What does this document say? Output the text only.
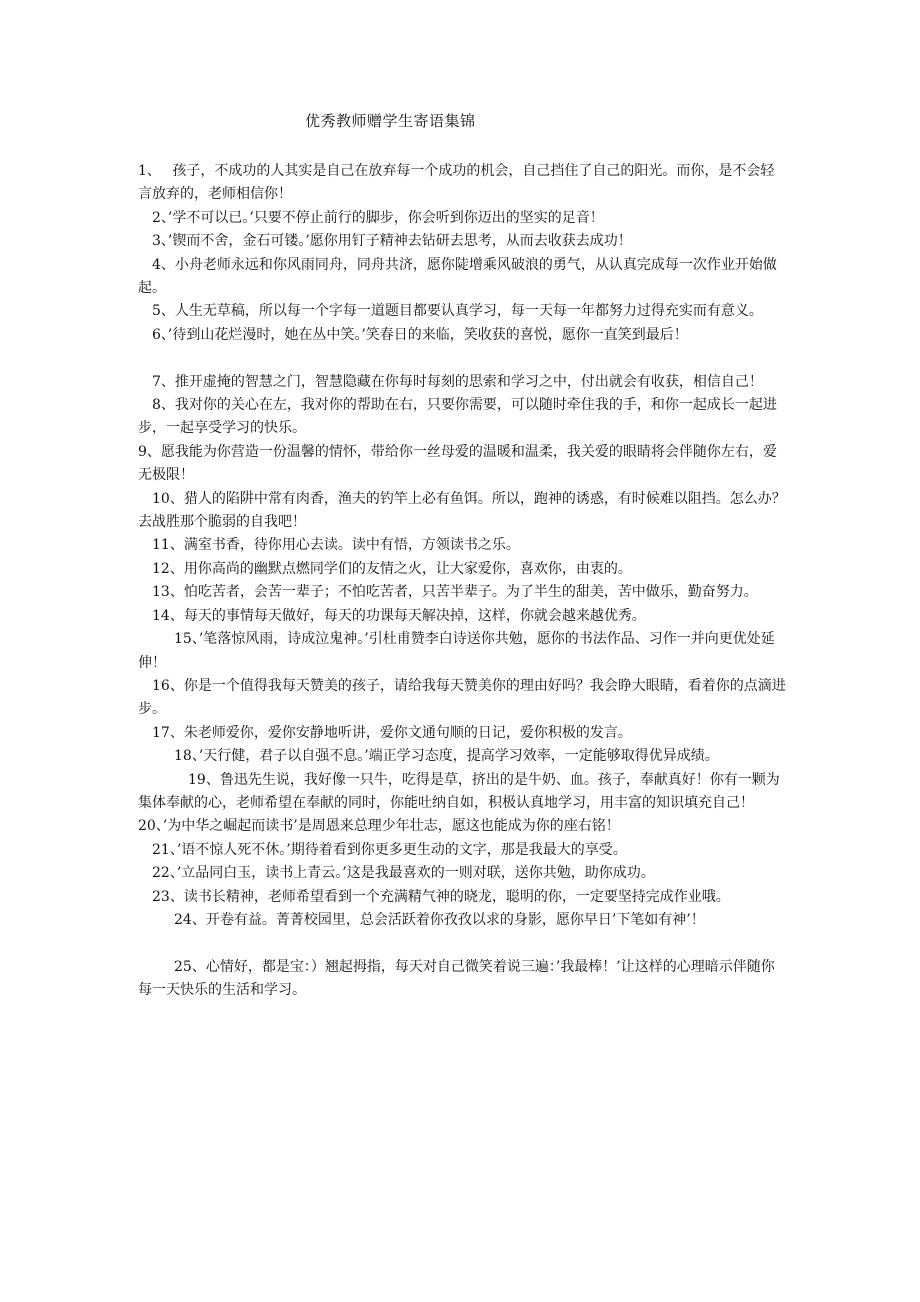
优秀教师赠学生寄语集锦

1、　 孩子，不成功的人其实是自己在放弃每一个成功的机会，自己挡住了自己的阳光。而你，是不会轻言放弃的，老师相信你！

2、’学不可以已。’只要不停止前行的脚步，你会听到你迈出的坚实的足音！

3、’锲而不舍，金石可镂。’愿你用钉子精神去钻研去思考，从而去收获去成功！

4、小舟老师永远和你风雨同舟，同舟共济，愿你陡增乘风破浪的勇气，从认真完成每一次作业开始做起。

5、人生无草稿，所以每一个字每一道题目都要认真学习，每一天每一年都努力过得充实而有意义。

6、’待到山花烂漫时，她在丛中笑。’笑春日的来临，笑收获的喜悦，愿你一直笑到最后！

7、推开虚掩的智慧之门，智慧隐藏在你每时每刻的思索和学习之中，付出就会有收获，相信自己！

8、我对你的关心在左，我对你的帮助在右，只要你需要，可以随时牵住我的手，和你一起成长一起进步，一起享受学习的快乐。

9、愿我能为你营造一份温馨的情怀，带给你一丝母爱的温暖和温柔，我关爱的眼睛将会伴随你左右，爱无极限！

10、猎人的陷阱中常有肉香，渔夫的钓竿上必有鱼饵。所以，跑神的诱惑，有时候难以阻挡。怎么办？去战胜那个脆弱的自我吧！

11、满室书香，待你用心去读。读中有悟，方领读书之乐。

12、用你高尚的幽默点燃同学们的友情之火，让大家爱你，喜欢你，由衷的。

13、怕吃苦者，会苦一辈子；不怕吃苦者，只苦半辈子。为了半生的甜美，苦中做乐，勤奋努力。

14、每天的事情每天做好，每天的功课每天解决掉，这样，你就会越来越优秀。

15、’笔落惊风雨，诗成泣鬼神。’引杜甫赞李白诗送你共勉，愿你的书法作品、习作一并向更优处延伸！

16、你是一个值得我每天赞美的孩子，请给我每天赞美你的理由好吗？我会睁大眼睛，看着你的点滴进步。

17、朱老师爱你，爱你安静地听讲，爱你文通句顺的日记，爱你积极的发言。

18、’天行健，君子以自强不息。’端正学习态度，提高学习效率，一定能够取得优异成绩。

19、鲁迅先生说，我好像一只牛，吃得是草，挤出的是牛奶、血。孩子，奉献真好！你有一颗为集体奉献的心，老师希望在奉献的同时，你能吐纳自如，积极认真地学习，用丰富的知识填充自己！

20、’为中华之崛起而读书’是周恩来总理少年壮志，愿这也能成为你的座右铭！

21、’语不惊人死不休。’期待着看到你更多更生动的文字，那是我最大的享受。

22、’立品同白玉，读书上青云。’这是我最喜欢的一则对联，送你共勉，助你成功。

23、读书长精神，老师希望看到一个充满精气神的晓龙，聪明的你，一定要坚持完成作业哦。

24、开卷有益。菁菁校园里，总会活跃着你孜孜以求的身影，愿你早日’下笔如有神’！

25、心情好，都是宝：）翘起拇指，每天对自己微笑着说三遍：’我最棒！’让这样的心理暗示伴随你每一天快乐的生活和学习。
